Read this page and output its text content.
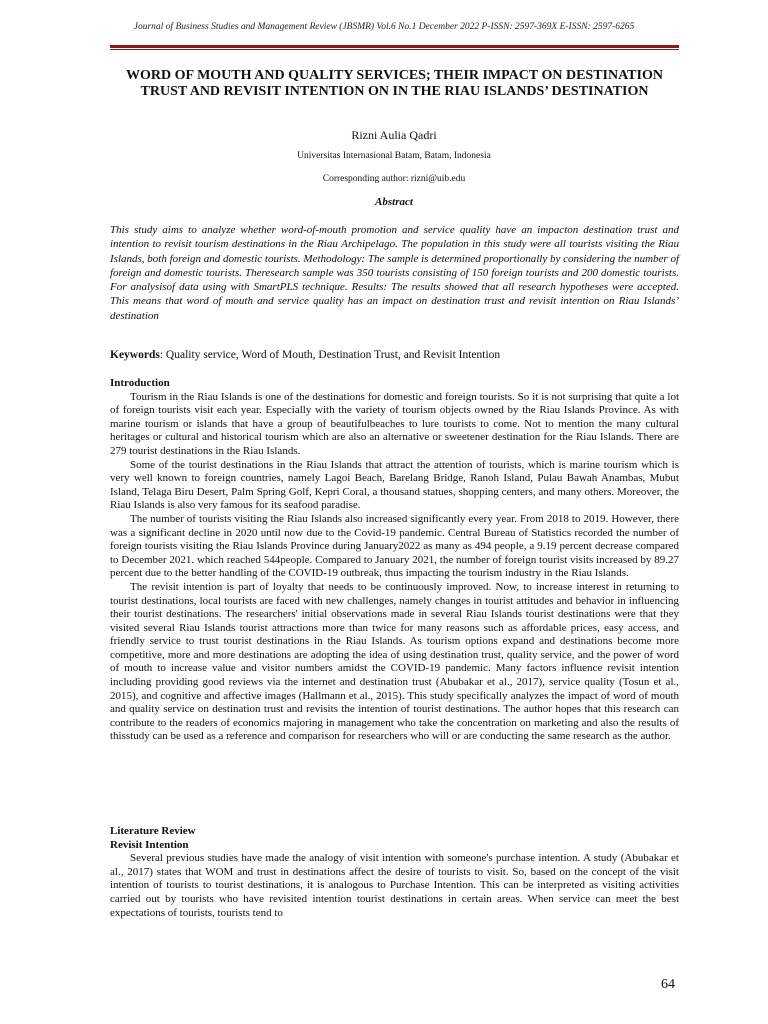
Journal of Business Studies and Management Review (JBSMR) Vol.6 No.1 December 2022 P-ISSN: 2597-369X E-ISSN: 2597-6265
WORD OF MOUTH AND QUALITY SERVICES; THEIR IMPACT ON DESTINATION TRUST AND REVISIT INTENTION ON IN THE RIAU ISLANDS’ DESTINATION
Rizni Aulia Qadri
Universitas Internasional Batam, Batam, Indonesia
Corresponding author: rizni@uib.edu
Abstract

This study aims to analyze whether word-of-mouth promotion and service quality have an impacton destination trust and intention to revisit tourism destinations in the Riau Archipelago. The population in this study were all tourists visiting the Riau Islands, both foreign and domestic tourists. Methodology: The sample is determined proportionally by considering the number of foreign and domestic tourists. Theresearch sample was 350 tourists consisting of 150 foreign tourists and 200 domestic tourists. For analysisof data using with SmartPLS technique. Results: The results showed that all research hypotheses were accepted. This means that word of mouth and service quality has an impact on destination trust and revisit intention on Riau Islands’ destination

Keywords: Quality service, Word of Mouth, Destination Trust, and Revisit Intention
Introduction

Tourism in the Riau Islands is one of the destinations for domestic and foreign tourists. So it is not surprising that quite a lot of foreign tourists visit each year. Especially with the variety of tourism objects owned by the Riau Islands Province. As with marine tourism or islands that have a group of beautifulbeaches to lure tourists to come. Not to mention the many cultural heritages or cultural and historical tourism which are also an alternative or sweetener destination for the Riau Islands. There are 279 tourist destinations in the Riau Islands.

Some of the tourist destinations in the Riau Islands that attract the attention of tourists, which is marine tourism which is very well known to foreign countries, namely Lagoi Beach, Barelang Bridge, Ranoh Island, Pulau Bawah Anambas, Mubut Island, Telaga Biru Desert, Palm Spring Golf, Kepri Coral, a thousand statues, shopping centers, and many others. Moreover, the Riau Islands is also very famous for its seafood paradise.

The number of tourists visiting the Riau Islands also increased significantly every year. From 2018 to 2019. However, there was a significant decline in 2020 until now due to the Covid-19 pandemic. Central Bureau of Statistics recorded the number of foreign tourists visiting the Riau Islands Province during January2022 as many as 494 people, a 9.19 percent decrease compared to December 2021. which reached 544people. Compared to January 2021, the number of foreign tourist visits increased by 89.27 percent due to the better handling of the COVID-19 outbreak, thus impacting the tourism industry in the Riau Islands.

The revisit intention is part of loyalty that needs to be continuously improved. Now, to increase interest in returning to tourist destinations, local tourists are faced with new challenges, namely changes in tourist attitudes and behavior in influencing their tourist destinations. The researchers' initial observations made in several Riau Islands tourist destinations were that they visited several Riau Islands tourist attractions more than twice for many reasons such as affordable prices, easy access, and friendly service to trust tourist destinations in the Riau Islands. As tourism options expand and destinations become more competitive, more and more destinations are adopting the idea of using destination trust, quality service, and the power of word of mouth to increase value and visitor numbers amidst the COVID-19 pandemic. Many factors influence revisit intention including providing good reviews via the internet and destination trust (Abubakar et al., 2017), service quality (Tosun et al., 2015), and cognitive and affective images (Hallmann et al., 2015). This study specifically analyzes the impact of word of mouth and quality service on destination trust and revisits the intention of tourist destinations. The author hopes that this research can contribute to the readers of economics majoring in management who take the concentration on marketing and also the results of thisstudy can be used as a reference and comparison for researchers who will or are conducting the same research as the author.

Literature Review
Revisit Intention

Several previous studies have made the analogy of visit intention with someone's purchase intention. A study (Abubakar et al., 2017) states that WOM and trust in destinations affect the desire of tourists to visit. So, based on the concept of the visit intention of tourists to tourist destinations, it is analogous to Purchase Intention. This can be interpreted as visiting activities carried out by tourists who have revisited intention tourist destinations in certain areas. When service can meet the best expectations of tourists, tourists tend to

64
